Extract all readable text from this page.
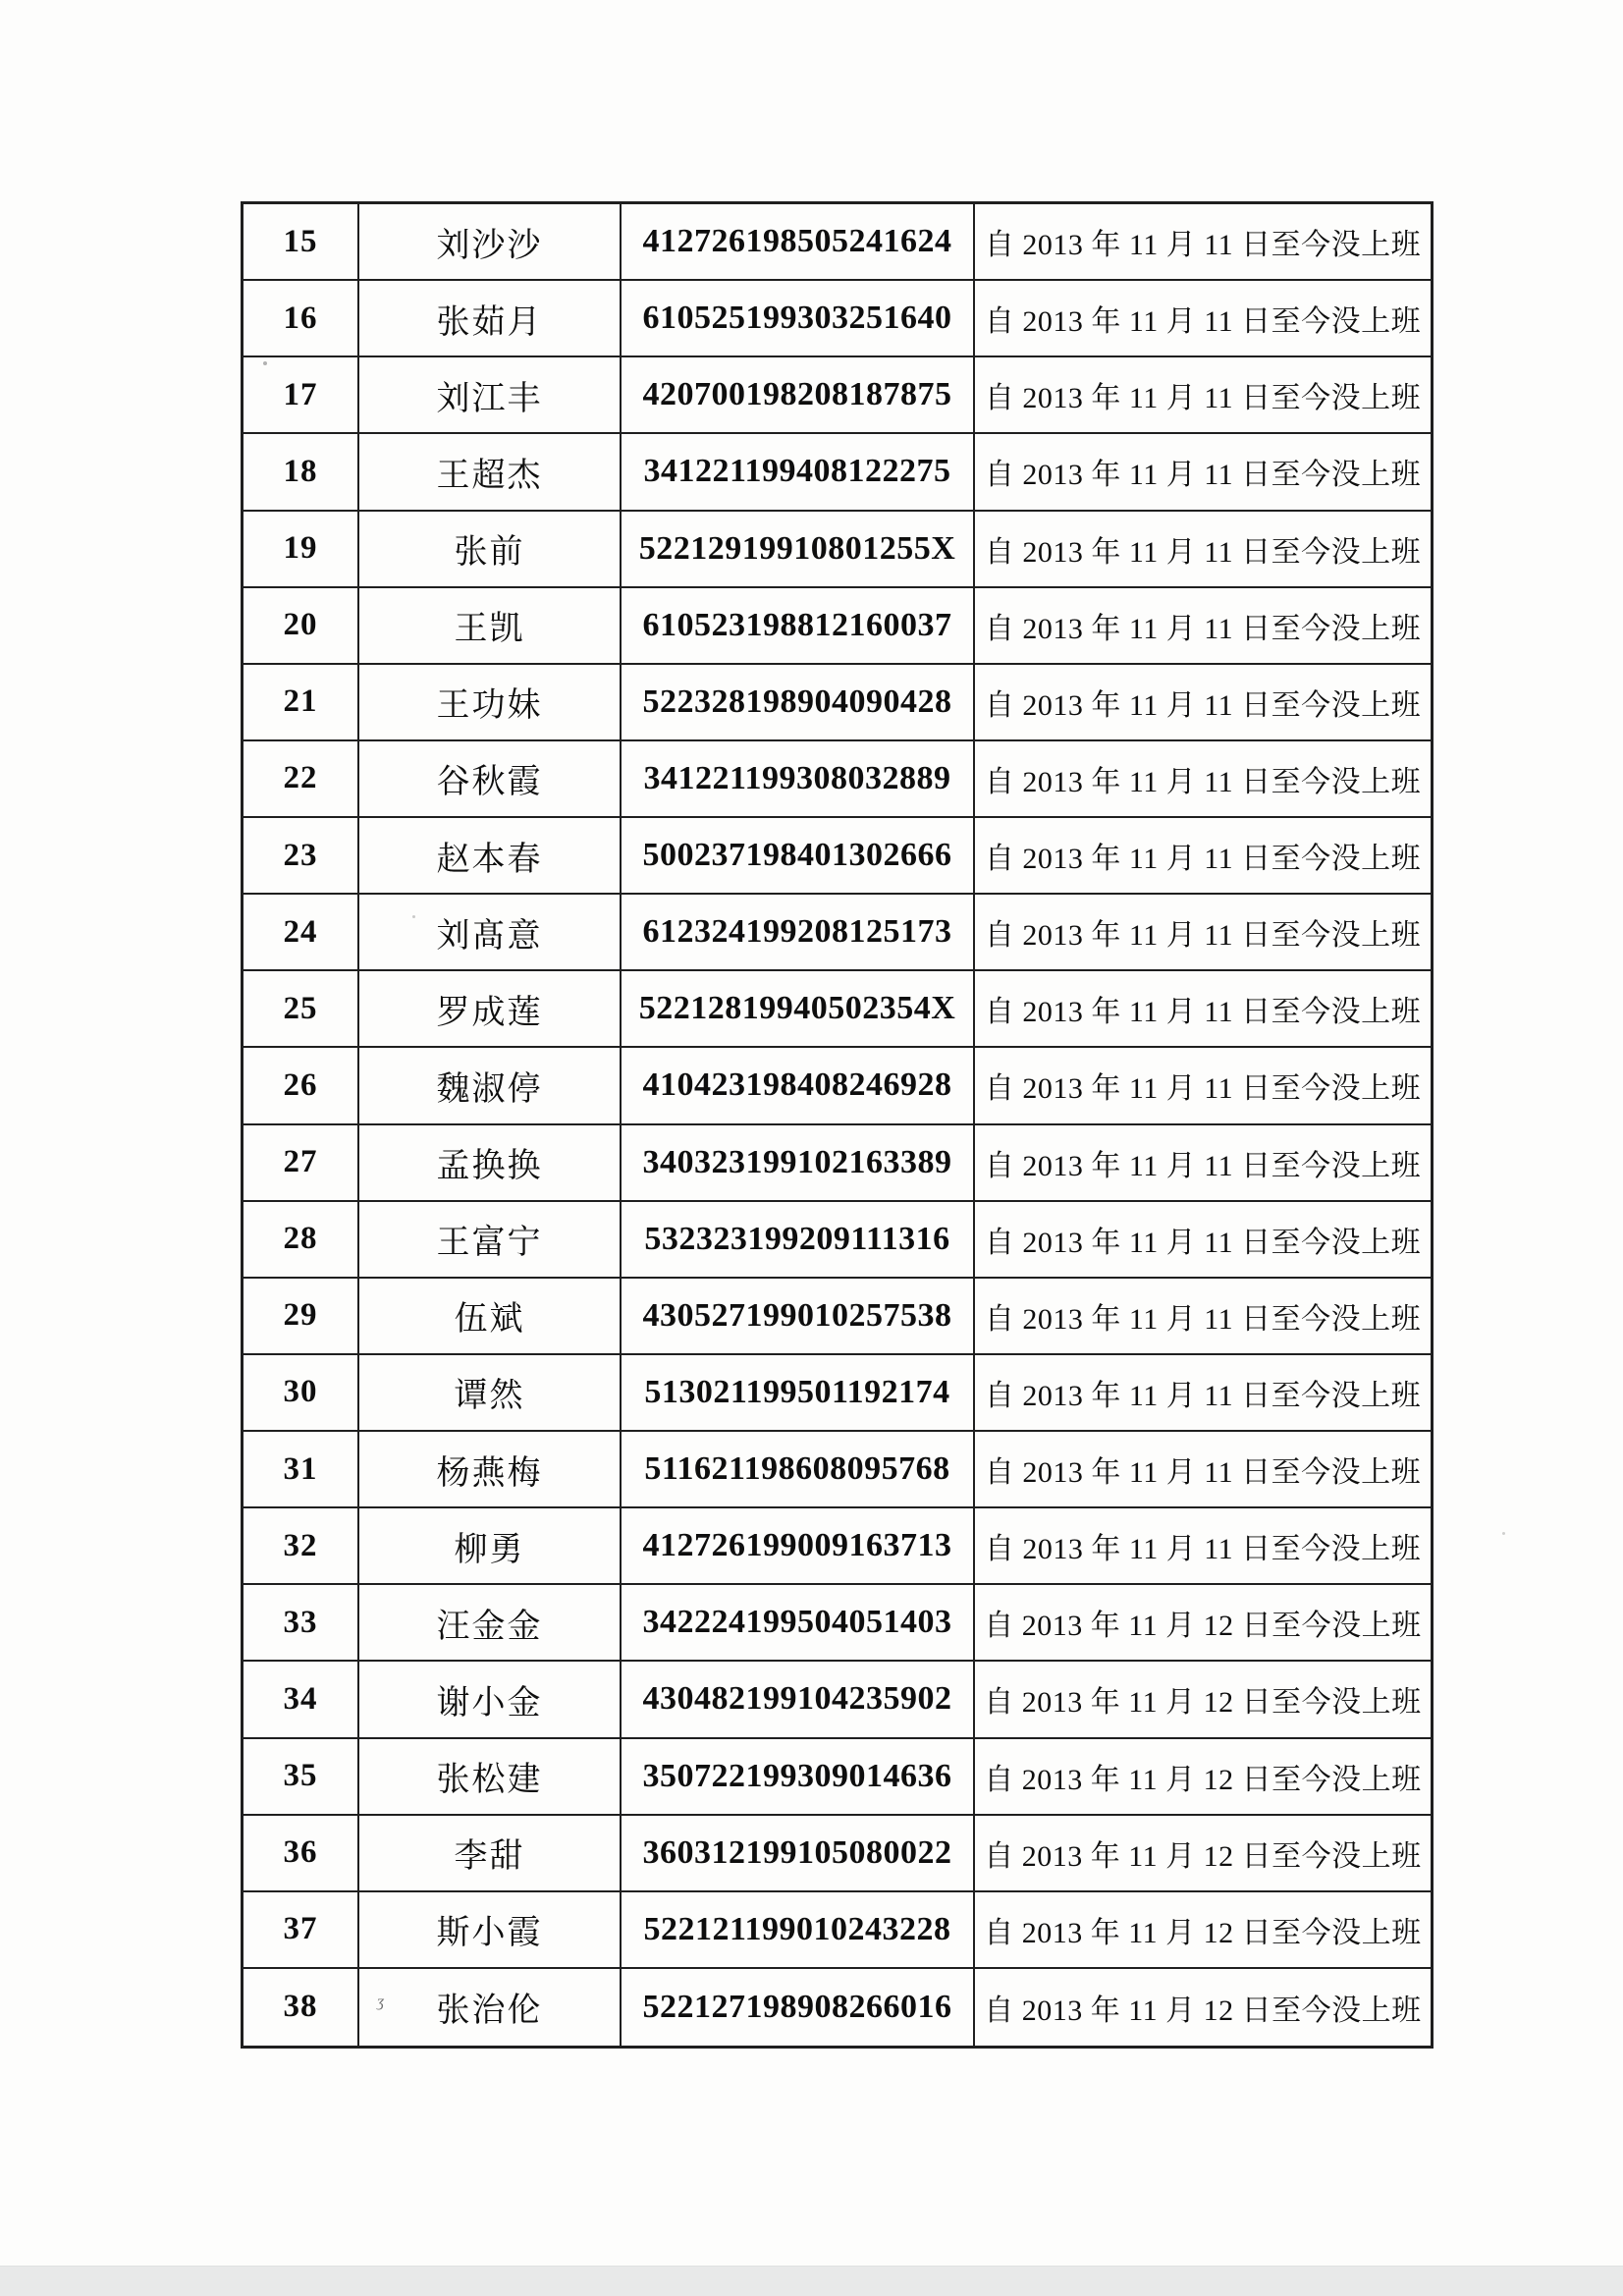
15	刘沙沙	412726198505241624	自 2013 年 11 月 11 日至今没上班
16	张茹月	610525199303251640	自 2013 年 11 月 11 日至今没上班
17	刘江丰	420700198208187875	自 2013 年 11 月 11 日至今没上班
18	王超杰	341221199408122275	自 2013 年 11 月 11 日至今没上班
19	张前	52212919910801255X 自 2013 年 11 月 11 日至今没上班
20	王凯	610523198812160037	自 2013 年 11 月 11 日至今没上班
21	王功妹	522328198904090428	自 2013 年 11 月 11 日至今没上班
22	谷秋霞	341221199308032889	自 2013 年 11 月 11 日至今没上班
23	赵本春	500237198401302666	自 2013 年 11 月 11 日至今没上班
24	刘髙意	612324199208125173	自 2013 年 11 月 11 日至今没上班
25	罗成莲	52212819940502354X 自 2013 年 11 月 11 日至今没上班
26	魏淑停	410423198408246928	自 2013 年 11 月 11 日至今没上班
27	孟换换	340323199102163389	自 2013 年 11 月 11 日至今没上班
28	王富宁	532323199209111316	自 2013 年 11 月 11 日至今没上班
29	伍斌	430527199010257538	自 2013 年 11 月 11 日至今没上班
30	谭然	513021199501192174	自 2013 年 11 月 11 日至今没上班
31	杨燕梅	511621198608095768	自 2013 年 11 月 11 日至今没上班
32	柳勇	412726199009163713	自 2013 年 11 月 11 日至今没上班
33	汪金金	342224199504051403	自 2013 年 11 月 12 日至今没上班
34	谢小金	430482199104235902	自 2013 年 11 月 12 日至今没上班
35	张松建	350722199309014636	自 2013 年 11 月 12 日至今没上班
36	李甜	360312199105080022	自 2013 年 11 月 12 日至今没上班
37	斯小霞	522121199010243228	自 2013 年 11 月 12 日至今没上班
38	张治伦	522127198908266016	自 2013 年 11 月 12 日至今没上班
ʒ
